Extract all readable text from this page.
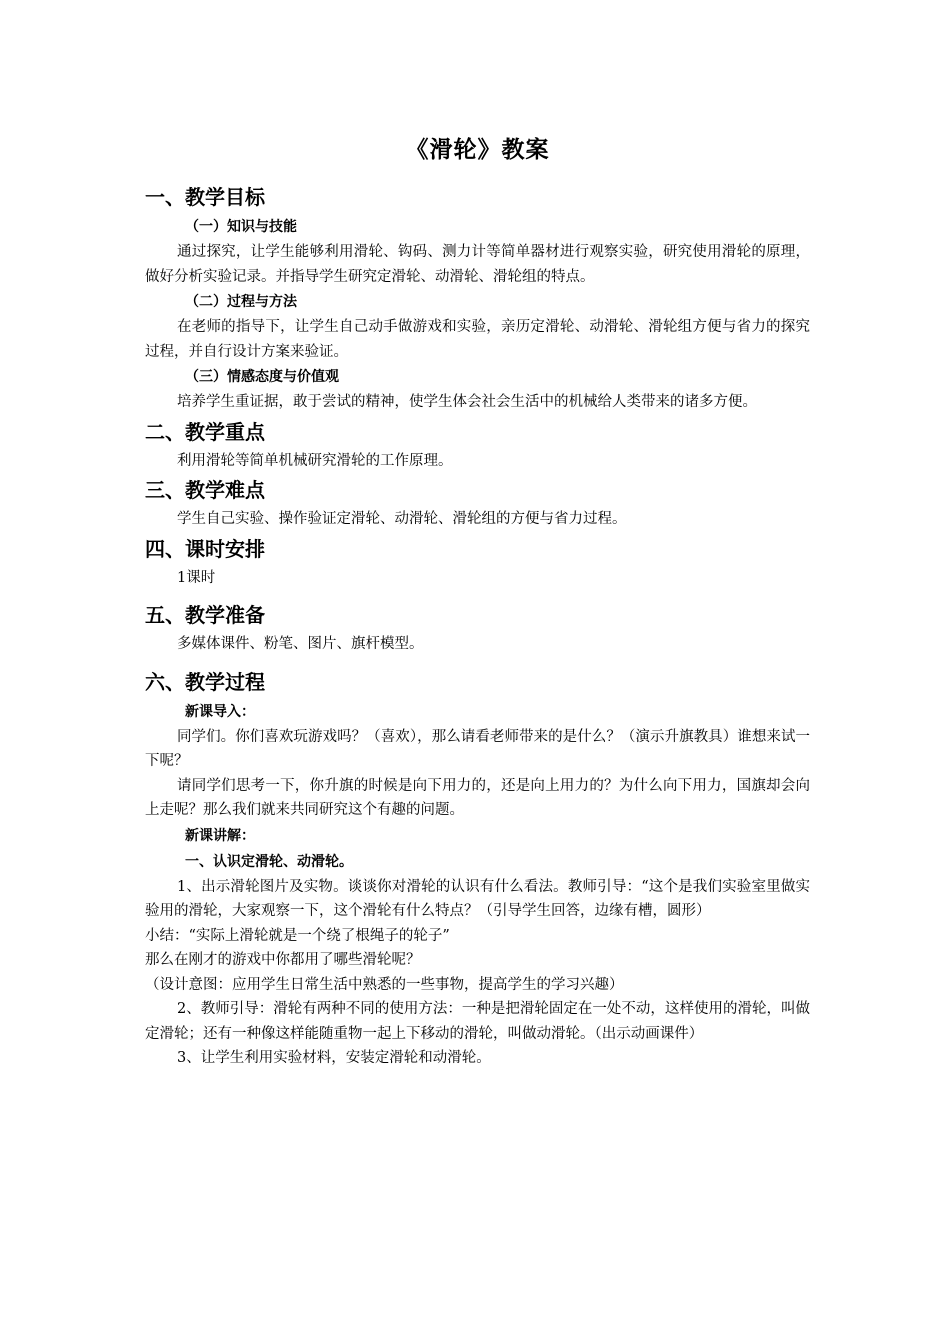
《滑轮》教案
一、教学目标
（一）知识与技能
通过探究，让学生能够利用滑轮、钩码、测力计等简单器材进行观察实验，研究使用滑轮的原理，做好分析实验记录。并指导学生研究定滑轮、动滑轮、滑轮组的特点。
（二）过程与方法
在老师的指导下，让学生自己动手做游戏和实验，亲历定滑轮、动滑轮、滑轮组方便与省力的探究过程，并自行设计方案来验证。
（三）情感态度与价值观
培养学生重证据，敢于尝试的精神，使学生体会社会生活中的机械给人类带来的诸多方便。
二、教学重点
利用滑轮等简单机械研究滑轮的工作原理。
三、教学难点
学生自己实验、操作验证定滑轮、动滑轮、滑轮组的方便与省力过程。
四、课时安排
1课时
五、教学准备
多媒体课件、粉笔、图片、旗杆模型。
六、教学过程
新课导入：
同学们。你们喜欢玩游戏吗？（喜欢），那么请看老师带来的是什么？（演示升旗教具）谁想来试一下呢？
请同学们思考一下，你升旗的时候是向下用力的，还是向上用力的？为什么向下用力，国旗却会向上走呢？那么我们就来共同研究这个有趣的问题。
新课讲解：
一、认识定滑轮、动滑轮。
1、出示滑轮图片及实物。谈谈你对滑轮的认识有什么看法。教师引导：“这个是我们实验室里做实验用的滑轮，大家观察一下，这个滑轮有什么特点？（引导学生回答，边缘有槽，圆形）
小结：“实际上滑轮就是一个绕了根绳子的轮子”
那么在刚才的游戏中你都用了哪些滑轮呢？
（设计意图：应用学生日常生活中熟悉的一些事物，提高学生的学习兴趣）
2、教师引导：滑轮有两种不同的使用方法：一种是把滑轮固定在一处不动，这样使用的滑轮，叫做定滑轮；还有一种像这样能随重物一起上下移动的滑轮，叫做动滑轮。（出示动画课件）
3、让学生利用实验材料，安装定滑轮和动滑轮。
